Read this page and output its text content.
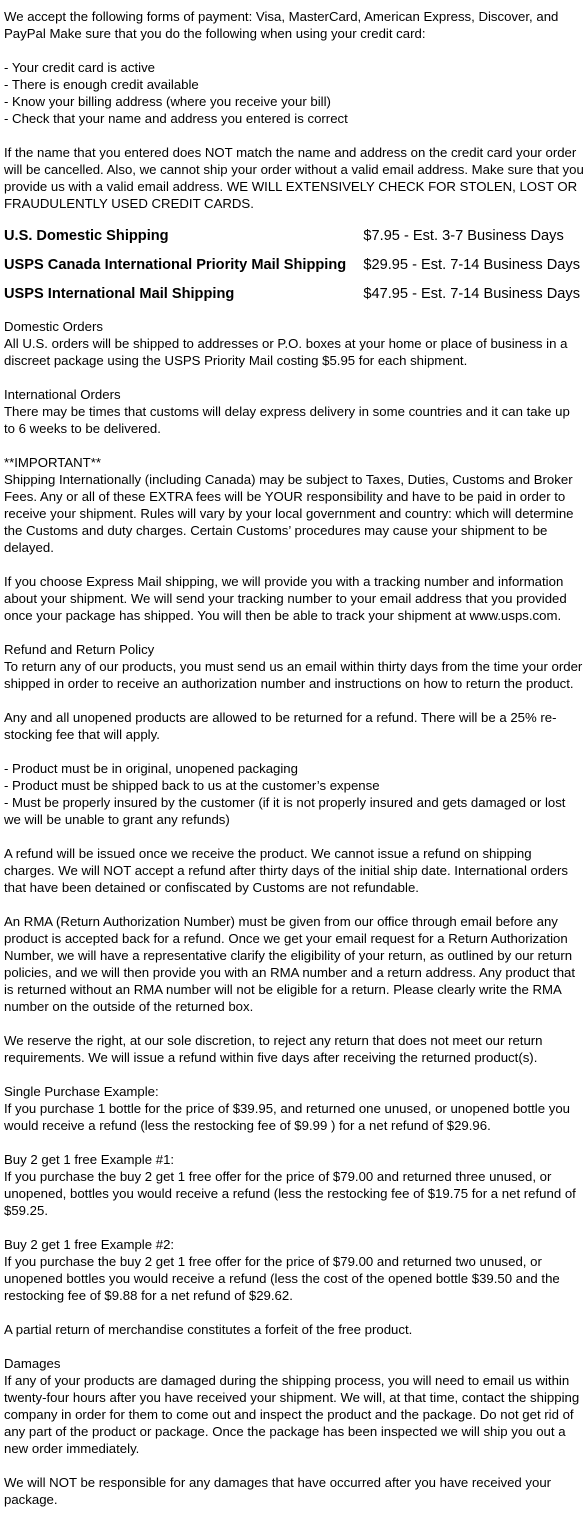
We accept the following forms of payment: Visa, MasterCard, American Express, Discover, and PayPal Make sure that you do the following when using your credit card:
- Your credit card is active
- There is enough credit available
- Know your billing address (where you receive your bill)
- Check that your name and address you entered is correct
If the name that you entered does NOT match the name and address on the credit card your order will be cancelled. Also, we cannot ship your order without a valid email address. Make sure that you provide us with a valid email address. WE WILL EXTENSIVELY CHECK FOR STOLEN, LOST OR FRAUDULENTLY USED CREDIT CARDS.
U.S. Domestic Shipping	$7.95 - Est. 3-7 Business Days
USPS Canada International Priority Mail Shipping	$29.95 - Est. 7-14 Business Days
USPS International Mail Shipping	$47.95 - Est. 7-14 Business Days
Domestic Orders
All U.S. orders will be shipped to addresses or P.O. boxes at your home or place of business in a discreet package using the USPS Priority Mail costing $5.95 for each shipment.
International Orders
There may be times that customs will delay express delivery in some countries and it can take up to 6 weeks to be delivered.
**IMPORTANT**
Shipping Internationally (including Canada) may be subject to Taxes, Duties, Customs and Broker Fees. Any or all of these EXTRA fees will be YOUR responsibility and have to be paid in order to receive your shipment. Rules will vary by your local government and country: which will determine the Customs and duty charges. Certain Customs’ procedures may cause your shipment to be delayed.
If you choose Express Mail shipping, we will provide you with a tracking number and information about your shipment. We will send your tracking number to your email address that you provided once your package has shipped. You will then be able to track your shipment at www.usps.com.
Refund and Return Policy
To return any of our products, you must send us an email within thirty days from the time your order shipped in order to receive an authorization number and instructions on how to return the product.
Any and all unopened products are allowed to be returned for a refund. There will be a 25% re-stocking fee that will apply.
- Product must be in original, unopened packaging
- Product must be shipped back to us at the customer’s expense
- Must be properly insured by the customer (if it is not properly insured and gets damaged or lost we will be unable to grant any refunds)
A refund will be issued once we receive the product. We cannot issue a refund on shipping charges. We will NOT accept a refund after thirty days of the initial ship date. International orders that have been detained or confiscated by Customs are not refundable.
An RMA (Return Authorization Number) must be given from our office through email before any product is accepted back for a refund. Once we get your email request for a Return Authorization Number, we will have a representative clarify the eligibility of your return, as outlined by our return policies, and we will then provide you with an RMA number and a return address. Any product that is returned without an RMA number will not be eligible for a return. Please clearly write the RMA number on the outside of the returned box.
We reserve the right, at our sole discretion, to reject any return that does not meet our return requirements. We will issue a refund within five days after receiving the returned product(s).
Single Purchase Example:
If you purchase 1 bottle for the price of $39.95, and returned one unused, or unopened bottle you would receive a refund (less the restocking fee of $9.99 ) for a net refund of $29.96.
Buy 2 get 1 free Example #1:
If you purchase the buy 2 get 1 free offer for the price of $79.00 and returned three unused, or unopened, bottles you would receive a refund (less the restocking fee of $19.75 for a net refund of $59.25.
Buy 2 get 1 free Example #2:
If you purchase the buy 2 get 1 free offer for the price of $79.00 and returned two unused, or unopened bottles you would receive a refund (less the cost of the opened bottle $39.50 and the restocking fee of $9.88 for a net refund of $29.62.
A partial return of merchandise constitutes a forfeit of the free product.
Damages
If any of your products are damaged during the shipping process, you will need to email us within twenty-four hours after you have received your shipment. We will, at that time, contact the shipping company in order for them to come out and inspect the product and the package. Do not get rid of any part of the product or package. Once the package has been inspected we will ship you out a new order immediately.
We will NOT be responsible for any damages that have occurred after you have received your package.
